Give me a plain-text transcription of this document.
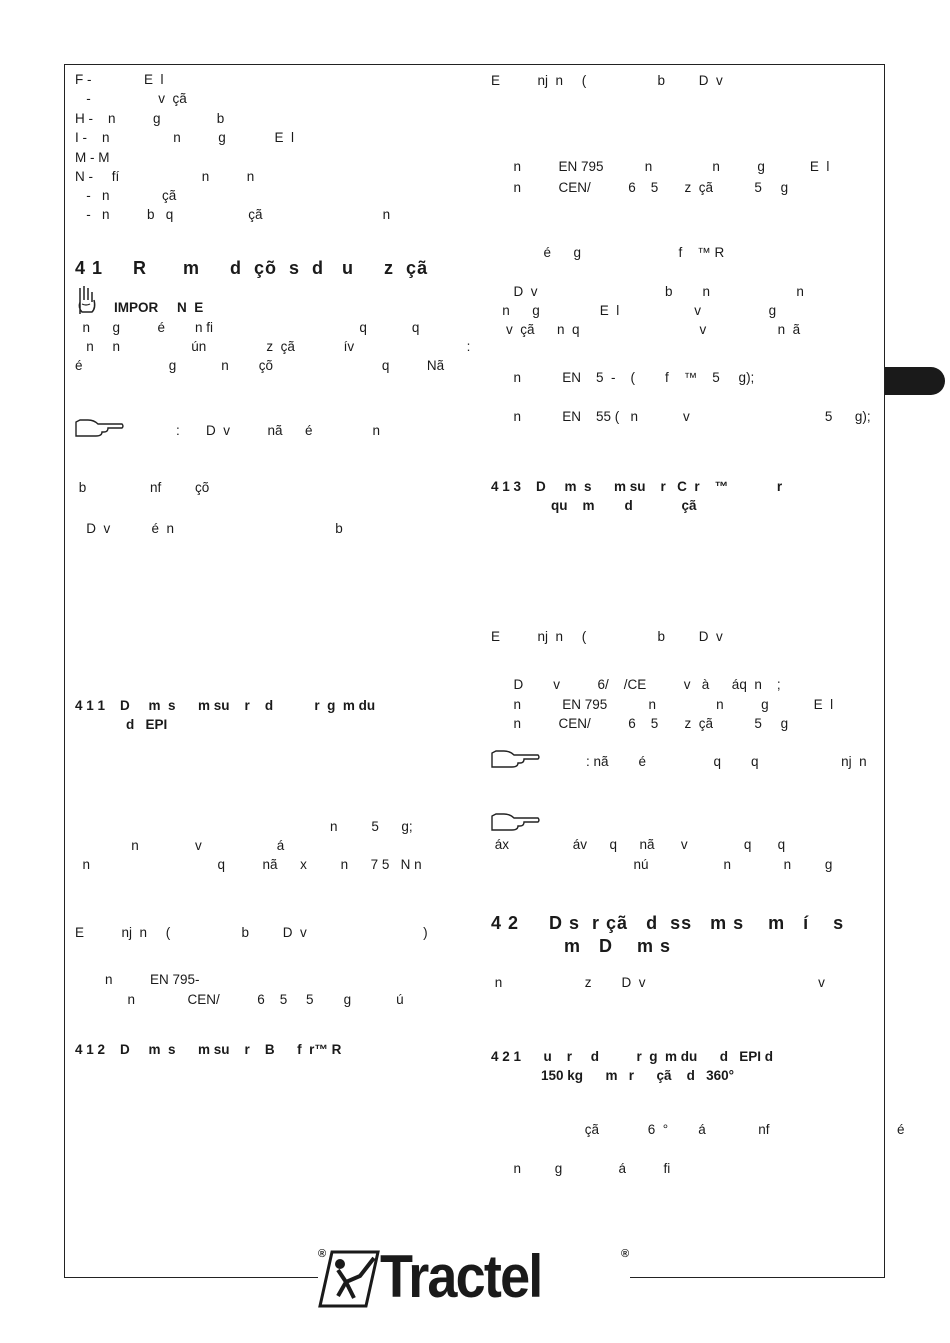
F -              E  l
-                  v  çã
H -    n          g               b
I -    n                 n          g             E  l
M - M
N -     fí                      n          n
-   n              çã
-   n          b   q                    çã                                n
4 1     R      m     d  çõ  s  d   u     z  çã
IMPOR     N  E
n      g          é        n fi                                       q            q
n     n                   ún                z  çã             ív                              :
é                       g            n        çõ                             q          Nã
:       D  v          nã      é                n
b                 nf         çõ
D  v           é  n                                           b
4 1 1    D     m  s      m su    r    d           r  g  m du
d   EPI
n         5      g;
n               v                    á
n                                  q          nã      x         n      7 5   N n
E          nj  n     (                   b         D  v                               )
n          EN 795-
n              CEN/          6    5     5        g            ú
4 1 2    D     m  s      m su    r    B      f  r™ R
E          nj  n     (                   b         D  v
n          EN 795           n                n          g            E  l
n          CEN/          6    5       z  çã           5     g
é      g                          f    ™ R
D  v                                  b        n                       n
n      g                E  l                    v                  g
v  çã      n  q                                v                   n  ã
n           EN    5  -    (        f    ™    5     g);
n           EN    55 (   n            v                                    5      g);
4 1 3    D     m  s      m su    r   C  r    ™             r
qu    m        d             çã
E          nj  n     (                   b         D  v
D        v          6/    /CE          v   à      áq  n    ;
n           EN 795           n                n          g            E  l
n          CEN/          6    5       z  çã           5     g
: nã        é                  q        q                      nj  n
áx                 áv      q      nã       v               q       q
nú                    n              n         g
4 2     D s  r çã   d  ss   m s    m   í    s
m   D    m s
n                      z        D  v                                              v
4 2 1      u    r     d          r  g  m du      d   EPI d
150 kg      m   r      çã    d   360°
çã             6  °        á              nf                                  é
n         g               á          fi
® Tractel	®
